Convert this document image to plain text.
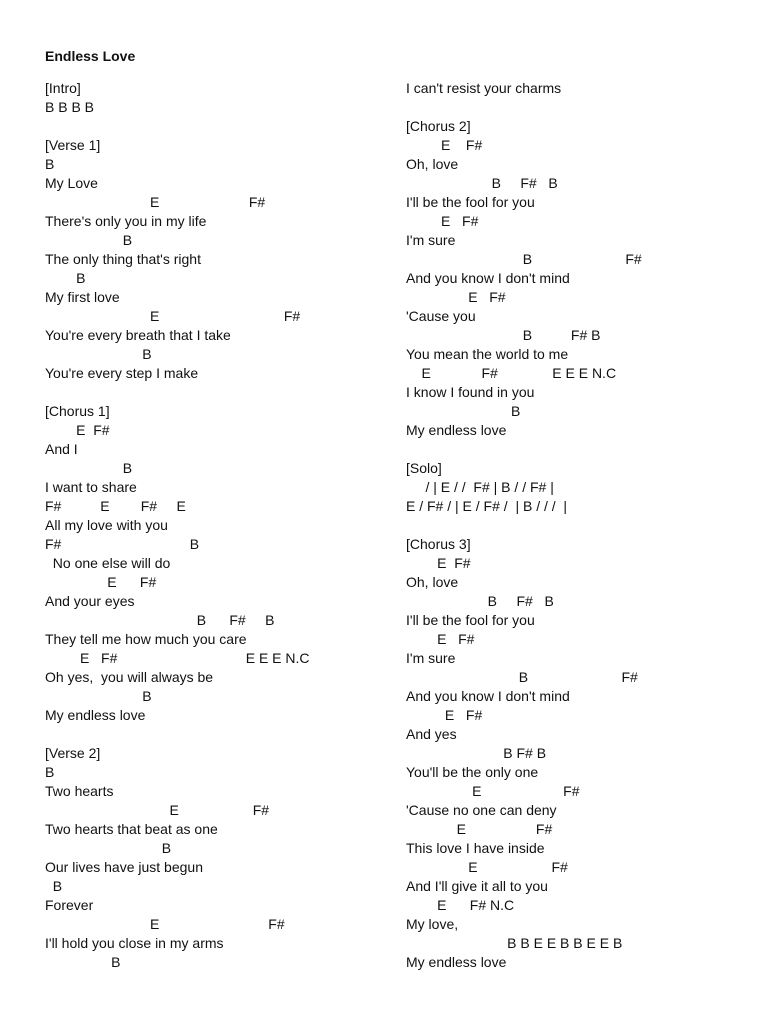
Endless Love
[Intro]
B B B B
[Verse 1]
B
My Love
E                       F#
There's only you in my life
B
The only thing that's right
B
My first love
E                                F#
You're every breath that I take
B
You're every step I make
[Chorus 1]
E  F#
And I
B
I want to share
F#          E        F#     E
All my love with you
F#                                 B
No one else will do
E      F#
And your eyes
B      F#     B
They tell me how much you care
E   F#                                 E E E N.C
Oh yes,  you will always be
B
My endless love
[Verse 2]
B
Two hearts
E                   F#
Two hearts that beat as one
B
Our lives have just begun
B
Forever
E                            F#
I'll hold you close in my arms
B
I can't resist your charms
[Chorus 2]
E    F#
Oh, love
B     F#   B
I'll be the fool for you
E   F#
I'm sure
B                        F#
And you know I don't mind
E   F#
'Cause you
B          F# B
You mean the world to me
E             F#              E E E N.C
I know I found in you
B
My endless love
[Solo]
/ | E / /  F# | B / / F# |
E / F# / | E / F# /  | B / / /  |
[Chorus 3]
E  F#
Oh, love
B     F#   B
I'll be the fool for you
E   F#
I'm sure
B                        F#
And you know I don't mind
E   F#
And yes
B F# B
You'll be the only one
E                     F#
'Cause no one can deny
E                  F#
This love I have inside
E                   F#
And I'll give it all to you
E      F# N.C
My love,
B B E E B B E E B
My endless love
